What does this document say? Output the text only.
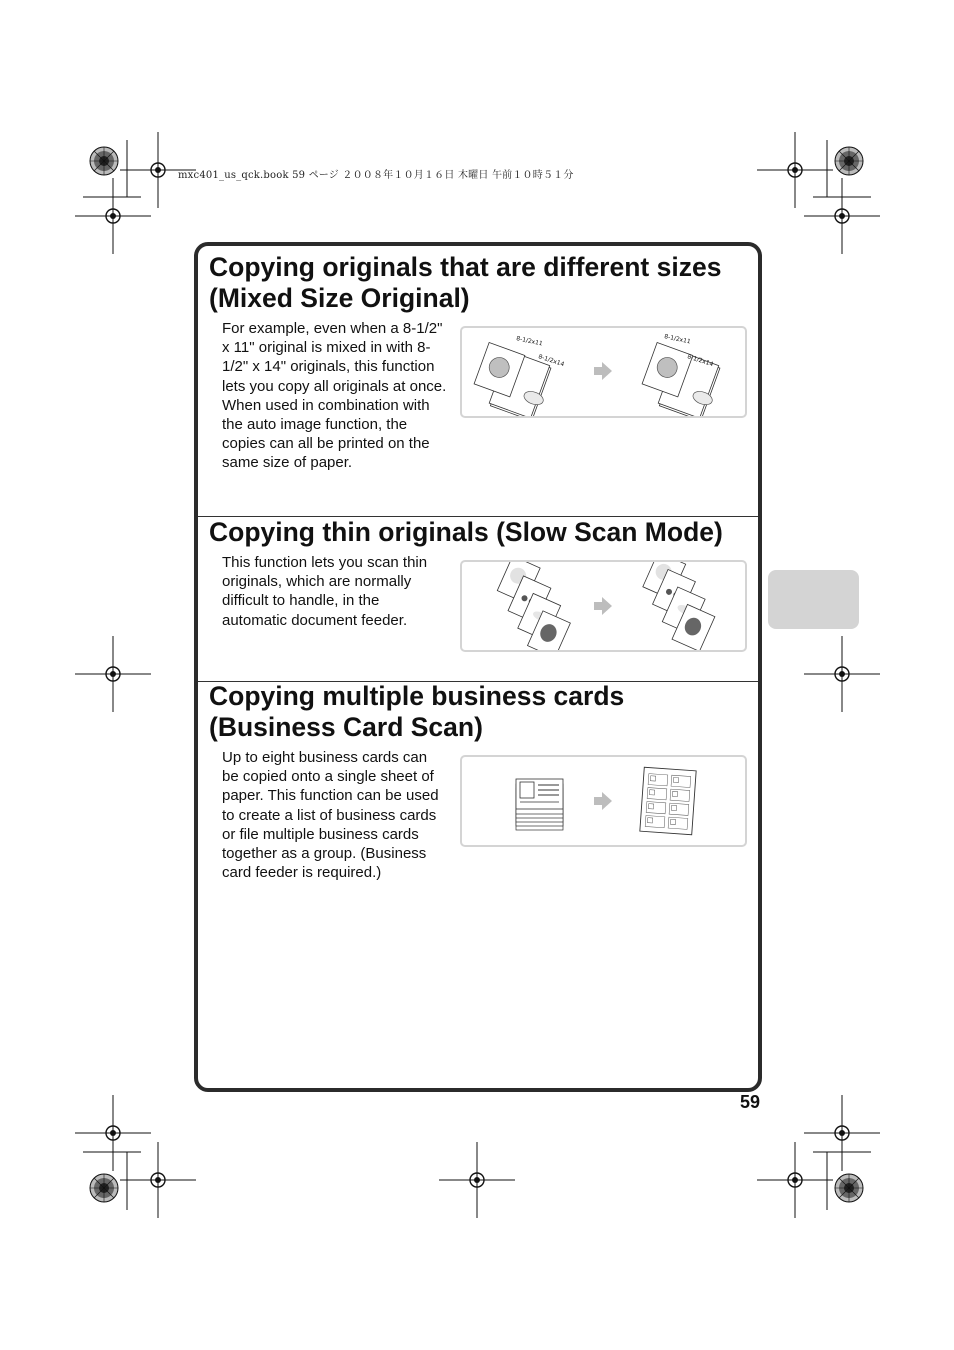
mxc401_us_qck.book 59 ページ ２００８年１０月１６日 木曜日 午前１０時５１分
Copying originals that are different sizes
(Mixed Size Original)

For example, even when a 8-1/2" x 11" original is mixed in with 8-1/2" x 14" originals, this function lets you copy all originals at once. When used in combination with the auto image function, the copies can all be printed on the same size of paper.

8-1/2x11
8-1/2x14
8-1/2x11
8-1/2x14
Copying thin originals (Slow Scan Mode)

This function lets you scan thin originals, which are normally difficult to handle, in the automatic document feeder.

Copying multiple business cards
(Business Card Scan)

Up to eight business cards can be copied onto a single sheet of paper. This function can be used to create a list of business cards or file multiple business cards together as a group. (Business card feeder is required.)

59
